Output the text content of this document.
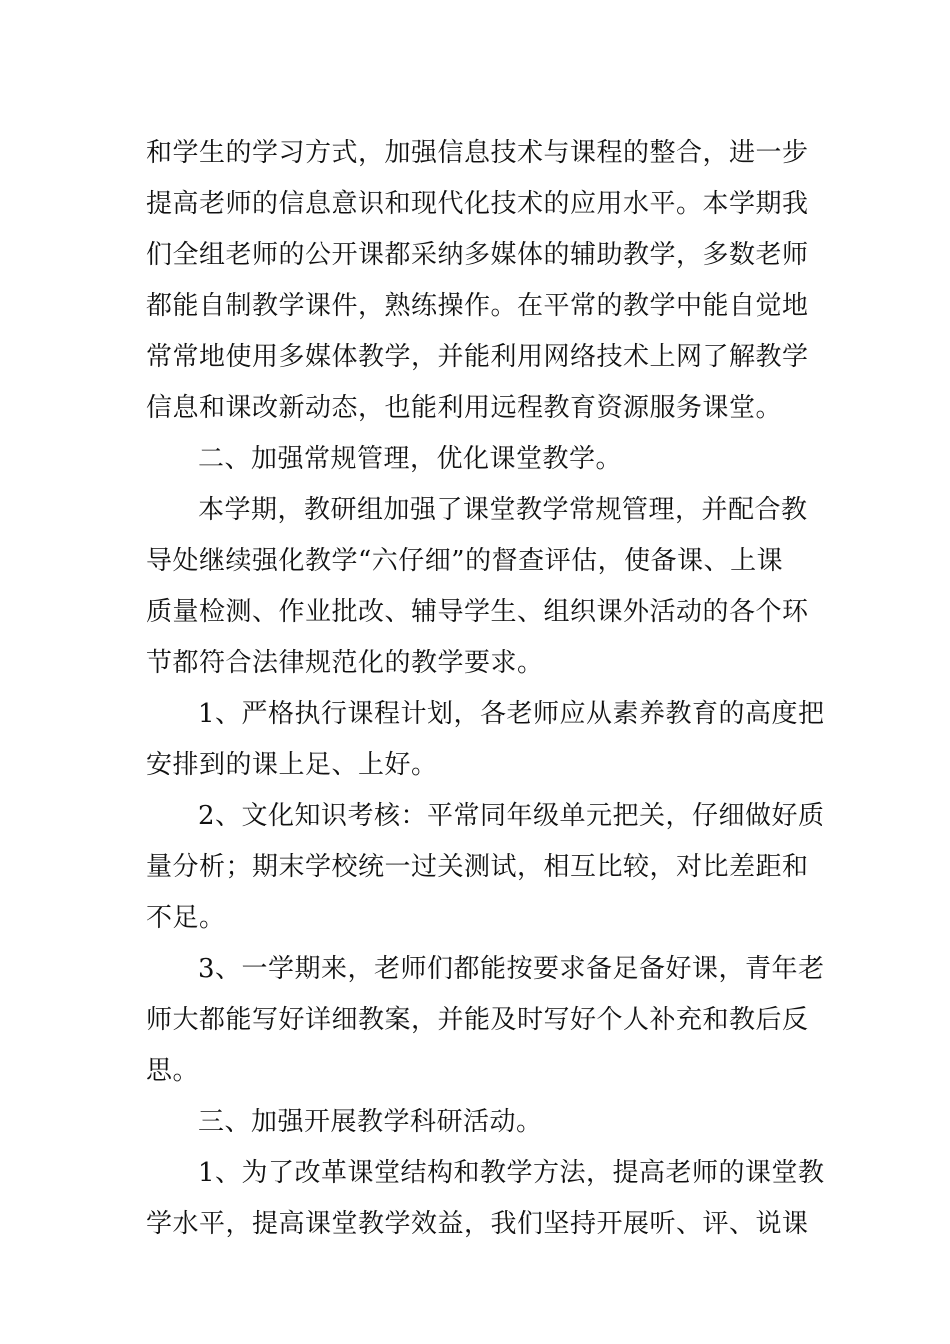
和学生的学习方式，加强信息技术与课程的整合，进一步
提高老师的信息意识和现代化技术的应用水平。本学期我
们全组老师的公开课都采纳多媒体的辅助教学，多数老师
都能自制教学课件，熟练操作。在平常的教学中能自觉地
常常地使用多媒体教学，并能利用网络技术上网了解教学
信息和课改新动态，也能利用远程教育资源服务课堂。
二、加强常规管理，优化课堂教学。
本学期，教研组加强了课堂教学常规管理，并配合教
导处继续强化教学“六仔细”的督查评估，使备课、上课
质量检测、作业批改、辅导学生、组织课外活动的各个环
节都符合法律规范化的教学要求。
1、严格执行课程计划，各老师应从素养教育的高度把
安排到的课上足、上好。
2、文化知识考核：平常同年级单元把关，仔细做好质
量分析；期末学校统一过关测试，相互比较，对比差距和
不足。
3、一学期来，老师们都能按要求备足备好课，青年老
师大都能写好详细教案，并能及时写好个人补充和教后反
思。
三、加强开展教学科研活动。
1、为了改革课堂结构和教学方法，提高老师的课堂教
学水平，提高课堂教学效益，我们坚持开展听、评、说课
